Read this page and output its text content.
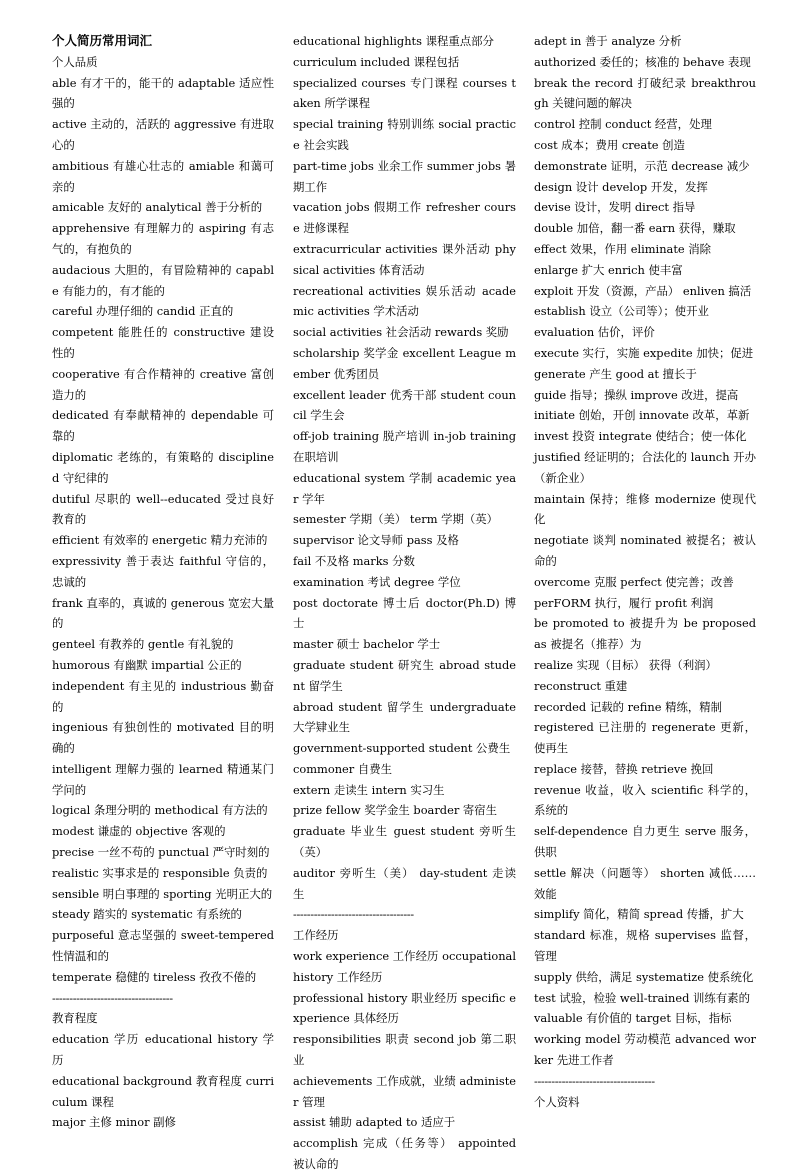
个人简历常用词汇

个人品质

able 有才干的，能干的 adaptable 适应性强的

active 主动的，活跃的 aggressive 有进取心的

ambitious 有雄心壮志的 amiable 和蔼可亲的

amicable 友好的 analytical 善于分析的

apprehensive 有理解力的 aspiring 有志气的，有抱负的

audacious 大胆的，有冒险精神的 capable 有能力的，有才能的

careful 办理仔细的 candid 正直的

competent 能胜任的 constructive 建设性的

cooperative 有合作精神的 creative 富创造力的

dedicated 有奉献精神的 dependable 可靠的

diplomatic 老练的，有策略的 disciplined 守纪律的

dutiful 尽职的 well--educated 受过良好教育的

efficient 有效率的 energetic 精力充沛的

expressivity 善于表达 faithful 守信的，忠诚的

frank 直率的，真诚的 generous 宽宏大量的

genteel 有教养的 gentle 有礼貌的

humorous 有幽默 impartial 公正的

independent 有主见的 industrious 勤奋的

ingenious 有独创性的 motivated 目的明确的

intelligent 理解力强的 learned 精通某门学问的

logical 条理分明的 methodical 有方法的

modest 谦虚的 objective 客观的

precise 一丝不苟的 punctual 严守时刻的

realistic 实事求是的 responsible 负责的

sensible 明白事理的 sporting 光明正大的

steady 踏实的 systematic 有系统的

purposeful 意志坚强的 sweet-tempered 性情温和的

temperate 稳健的 tireless 孜孜不倦的

-----------------------------------

教育程度

education 学历 educational history 学历

educational background 教育程度 curriculum 课程

major 主修 minor 副修

educational highlights 课程重点部分

curriculum included 课程包括

specialized courses 专门课程 courses taken 所学课程

special training 特别训练 social practice 社会实践

part-time jobs 业余工作 summer jobs 暑期工作

vacation jobs 假期工作 refresher course 进修课程

extracurricular activities 课外活动 physical activities 体育活动

recreational activities 娱乐活动 academic activities 学术活动

social activities 社会活动 rewards 奖励

scholarship 奖学金 excellent League member 优秀团员

excellent leader 优秀干部 student council 学生会

off-job training 脱产培训 in-job training 在职培训

educational system 学制 academic year 学年

semester 学期（美） term 学期（英）

supervisor 论文导师 pass 及格

fail 不及格 marks 分数

examination 考试 degree 学位

post doctorate 博士后 doctor(Ph.D) 博士

master 硕士 bachelor 学士

graduate student 研究生 abroad student 留学生

abroad student 留学生 undergraduate 大学肄业生

government-supported student 公费生

commoner 自费生

extern 走读生 intern 实习生

prize fellow 奖学金生 boarder 寄宿生

graduate 毕业生 guest student 旁听生（英）

auditor 旁听生（美） day-student 走读生

-----------------------------------

工作经历

work experience 工作经历 occupational history 工作经历

professional history 职业经历 specific experience 具体经历

responsibilities 职责 second job 第二职业

achievements 工作成就，业绩 administer 管理

assist 辅助 adapted to 适应于

accomplish 完成（任务等） appointed 被认命的

adept in 善于 analyze 分析

authorized 委任的；核准的 behave 表现

break the record 打破纪录 breakthrough 关键问题的解决

control 控制 conduct 经营，处理

cost 成本；费用 create 创造

demonstrate 证明，示范 decrease 减少

design 设计 develop 开发，发挥

devise 设计，发明 direct 指导

double 加倍，翻一番 earn 获得，赚取

effect 效果，作用 eliminate 消除

enlarge 扩大 enrich 使丰富

exploit 开发（资源，产品） enliven 搞活

establish 设立（公司等）；使开业

evaluation 估价，评价

execute 实行，实施 expedite 加快；促进

generate 产生 good at 擅长于

guide 指导；操纵 improve 改进，提高

initiate 创始，开创 innovate 改革，革新

invest 投资 integrate 使结合；使一体化

justified 经证明的；合法化的 launch 开办（新企业）

maintain 保持；维修 modernize 使现代化

negotiate 谈判 nominated 被提名；被认命的

overcome 克服 perfect 使完善；改善

perFORM 执行，履行 profit 利润

be promoted to 被提升为 be proposed as 被提名（推荐）为

realize 实现（目标） 获得（利润）

reconstruct 重建

recorded 记载的 refine 精练，精制

registered 已注册的 regenerate 更新，使再生

replace 接替，替换 retrieve 挽回

revenue 收益，收入 scientific 科学的，系统的

self-dependence 自力更生 serve 服务，供职

settle 解决（问题等） shorten 减低……效能

simplify 简化，精简 spread 传播，扩大

standard 标准，规格 supervises 监督，管理

supply 供给，满足 systematize 使系统化

test 试验，检验 well-trained 训练有素的

valuable 有价值的 target 目标，指标

working model 劳动模范 advanced worker 先进工作者

-----------------------------------

个人资料
